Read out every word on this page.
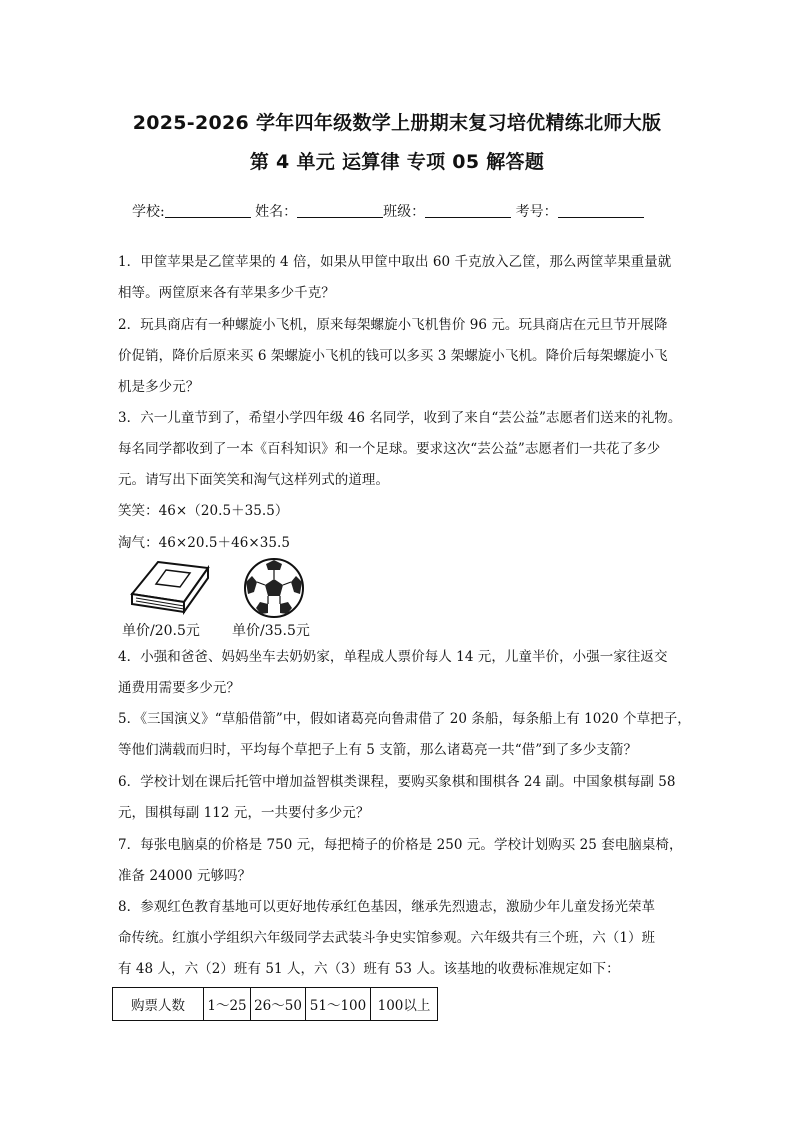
2025-2026 学年四年级数学上册期末复习培优精练北师大版
第 4 单元 运算律 专项 05 解答题
学校:	姓名：	班级：	考号：
1．甲筐苹果是乙筐苹果的 4 倍，如果从甲筐中取出 60 千克放入乙筐，那么两筐苹果重量就
相等。两筐原来各有苹果多少千克？
2．玩具商店有一种螺旋小飞机，原来每架螺旋小飞机售价 96 元。玩具商店在元旦节开展降
价促销，降价后原来买 6 架螺旋小飞机的钱可以多买 3 架螺旋小飞机。降价后每架螺旋小飞
机是多少元？
3．六一儿童节到了，希望小学四年级 46 名同学，收到了来自“芸公益”志愿者们送来的礼物。
每名同学都收到了一本《百科知识》和一个足球。要求这次“芸公益”志愿者们一共花了多少
元。请写出下面笑笑和淘气这样列式的道理。
笑笑：46×（20.5＋35.5）
淘气：46×20.5＋46×35.5
单价/20.5元 单价/35.5元
4．小强和爸爸、妈妈坐车去奶奶家，单程成人票价每人 14 元，儿童半价，小强一家往返交
通费用需要多少元？
5．《三国演义》“草船借箭”中，假如诸葛亮向鲁肃借了 20 条船，每条船上有 1020 个草把子，
等他们满载而归时，平均每个草把子上有 5 支箭，那么诸葛亮一共“借”到了多少支箭？
6．学校计划在课后托管中增加益智棋类课程，要购买象棋和围棋各 24 副。中国象棋每副 58
元，围棋每副 112 元，一共要付多少元？
7．每张电脑桌的价格是 750 元，每把椅子的价格是 250 元。学校计划购买 25 套电脑桌椅，
准备 24000 元够吗？
8．参观红色教育基地可以更好地传承红色基因，继承先烈遗志，激励少年儿童发扬光荣革
命传统。红旗小学组织六年级同学去武装斗争史实馆参观。六年级共有三个班，六（1）班
有 48 人，六（2）班有 51 人，六（3）班有 53 人。该基地的收费标准规定如下：
购票人数	1～25	26～50	51～100	100以上
